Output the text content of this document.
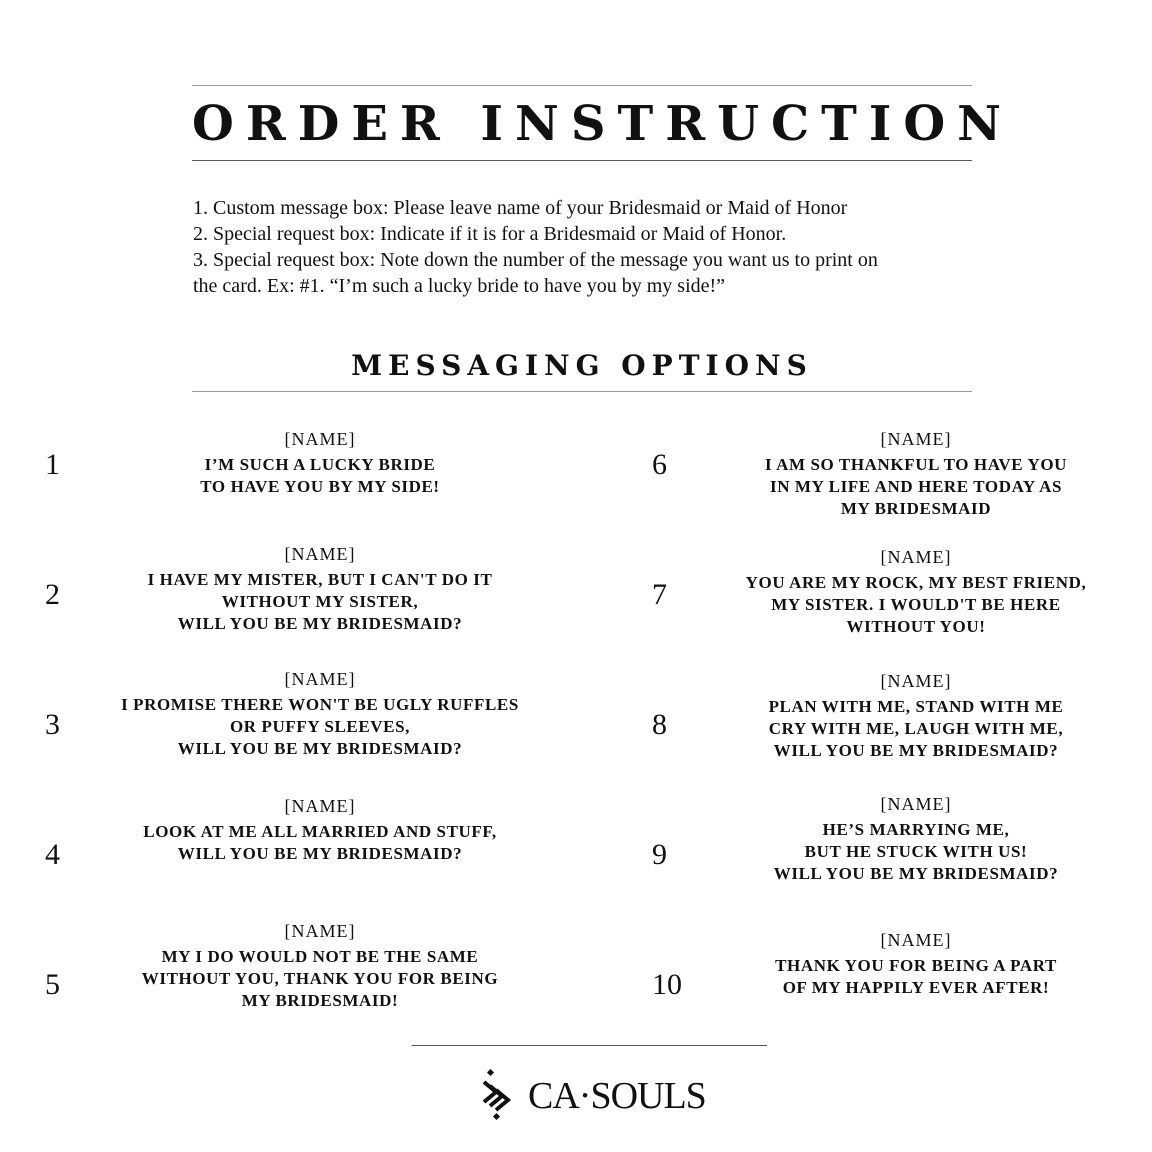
ORDER INSTRUCTION
1. Custom message box: Please leave name of your Bridesmaid or Maid of Honor
2. Special request box: Indicate if it is for a Bridesmaid or Maid of Honor.
3. Special request box: Note down the number of the message you want us to print on
the card. Ex: #1. “I’m such a lucky bride to have you by my side!”
MESSAGING OPTIONS
1
[NAME]
I’M SUCH A LUCKY BRIDE
TO HAVE YOU BY MY SIDE!
2
[NAME]
I HAVE MY MISTER, BUT I CAN'T DO IT
WITHOUT MY SISTER,
WILL YOU BE MY BRIDESMAID?
3
[NAME]
I PROMISE THERE WON'T BE UGLY RUFFLES
OR PUFFY SLEEVES,
WILL YOU BE MY BRIDESMAID?
4
[NAME]
LOOK AT ME ALL MARRIED AND STUFF,
WILL YOU BE MY BRIDESMAID?
5
[NAME]
MY I DO WOULD NOT BE THE SAME
WITHOUT YOU, THANK YOU FOR BEING
MY BRIDESMAID!
6
[NAME]
I AM SO THANKFUL TO HAVE YOU
IN MY LIFE AND HERE TODAY AS
MY BRIDESMAID
7
[NAME]
YOU ARE MY ROCK, MY BEST FRIEND,
MY SISTER. I WOULD'T BE HERE
WITHOUT YOU!
8
[NAME]
PLAN WITH ME, STAND WITH ME
CRY WITH ME, LAUGH WITH ME,
WILL YOU BE MY BRIDESMAID?
9
[NAME]
HE’S MARRYING ME,
BUT HE STUCK WITH US!
WILL YOU BE MY BRIDESMAID?
10
[NAME]
THANK YOU FOR BEING A PART
OF MY HAPPILY EVER AFTER!
CA·SOULS
